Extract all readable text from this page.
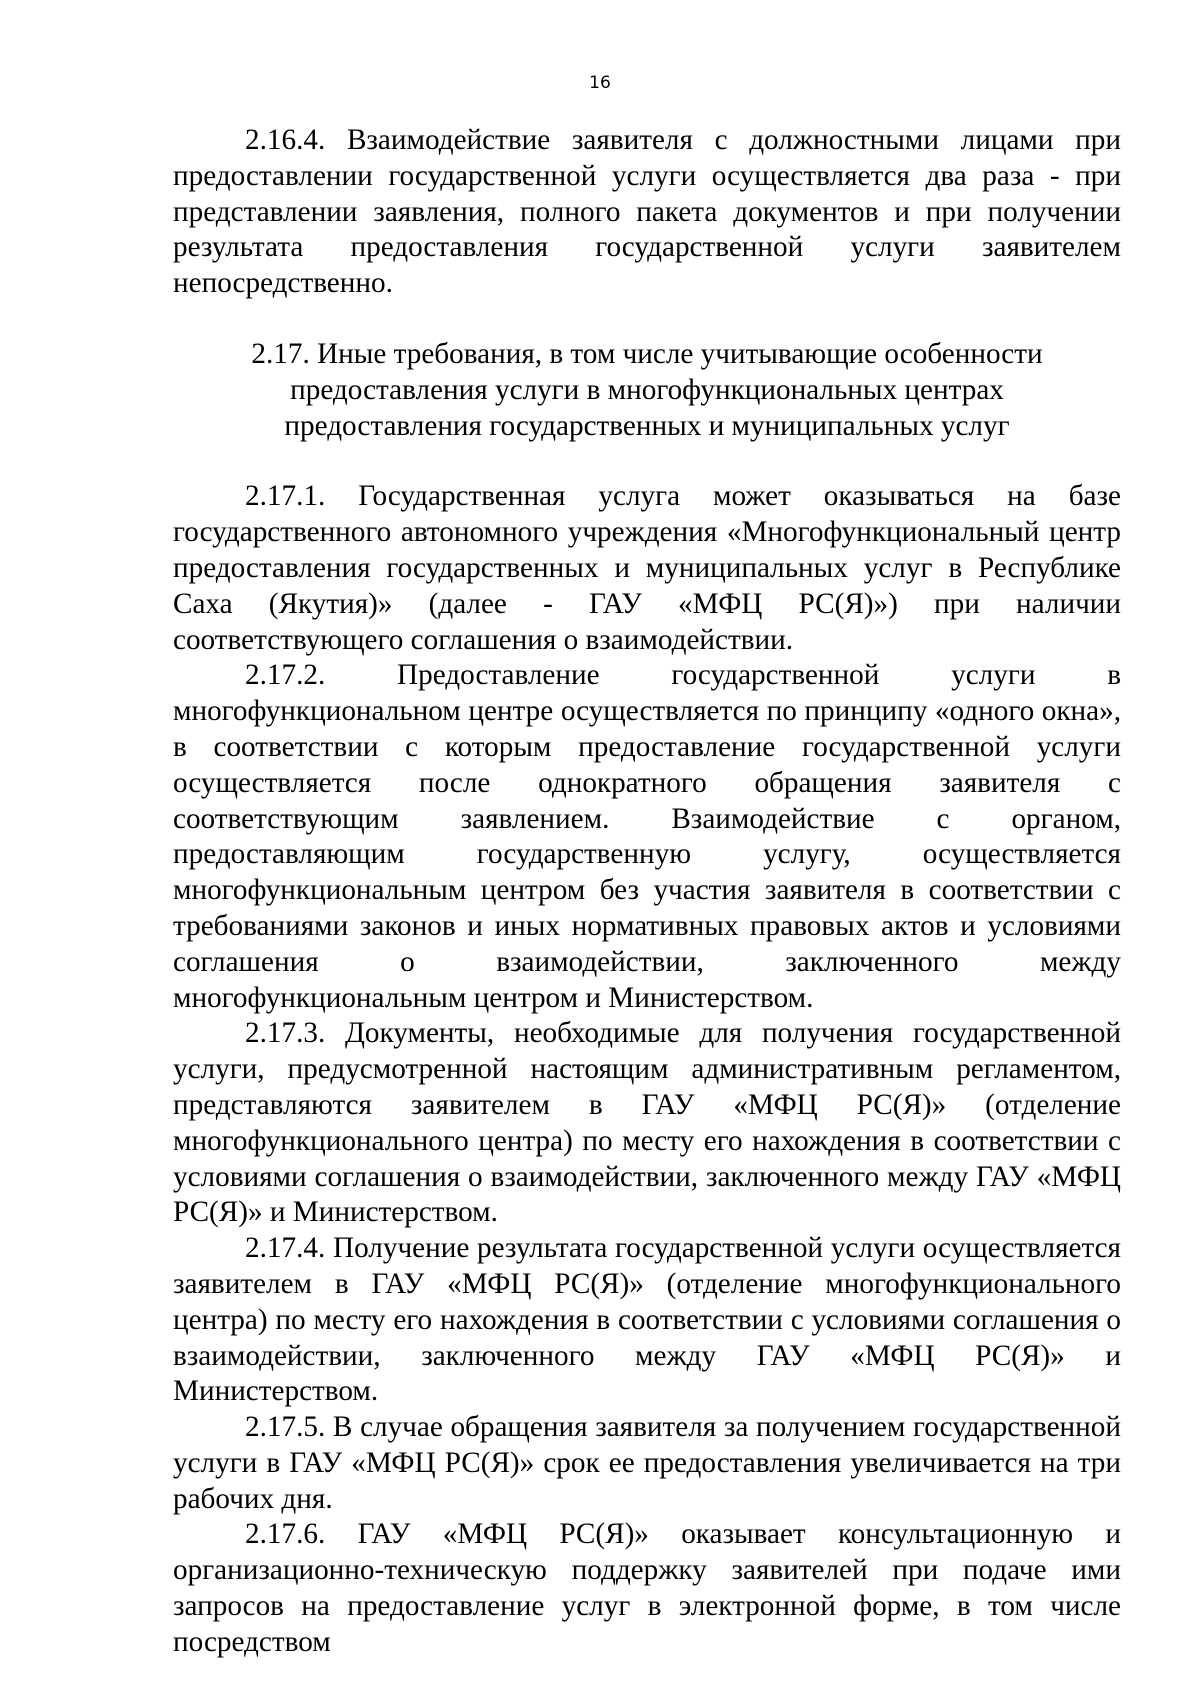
16

2.16.4. Взаимодействие заявителя с должностными лицами при предоставлении государственной услуги осуществляется два раза - при представлении заявления, полного пакета документов и при получении результата предоставления государственной услуги заявителем непосредственно.

2.17. Иные требования, в том числе учитывающие особенности
предоставления услуги в многофункциональных центрах
предоставления государственных и муниципальных услуг

2.17.1. Государственная услуга может оказываться на базе государственного автономного учреждения «Многофункциональный центр предоставления государственных и муниципальных услуг в Республике Саха (Якутия)» (далее - ГАУ «МФЦ РС(Я)») при наличии соответствующего соглашения о взаимодействии.

2.17.2. Предоставление государственной услуги в многофункциональном центре осуществляется по принципу «одного окна», в соответствии с которым предоставление государственной услуги осуществляется после однократного обращения заявителя с соответствующим заявлением. Взаимодействие с органом, предоставляющим государственную услугу, осуществляется многофункциональным центром без участия заявителя в соответствии с требованиями законов и иных нормативных правовых актов и условиями соглашения о взаимодействии, заключенного между многофункциональным центром и Министерством.

2.17.3. Документы, необходимые для получения государственной услуги, предусмотренной настоящим административным регламентом, представляются заявителем в ГАУ «МФЦ РС(Я)» (отделение многофункционального центра) по месту его нахождения в соответствии с условиями соглашения о взаимодействии, заключенного между ГАУ «МФЦ РС(Я)» и Министерством.

2.17.4. Получение результата государственной услуги осуществляется заявителем в ГАУ «МФЦ РС(Я)» (отделение многофункционального центра) по месту его нахождения в соответствии с условиями соглашения о взаимодействии, заключенного между ГАУ «МФЦ РС(Я)» и Министерством.

2.17.5. В случае обращения заявителя за получением государственной услуги в ГАУ «МФЦ РС(Я)» срок ее предоставления увеличивается на три рабочих дня.

2.17.6. ГАУ «МФЦ РС(Я)» оказывает консультационную и организационно-техническую поддержку заявителей при подаче ими запросов на предоставление услуг в электронной форме, в том числе посредством
